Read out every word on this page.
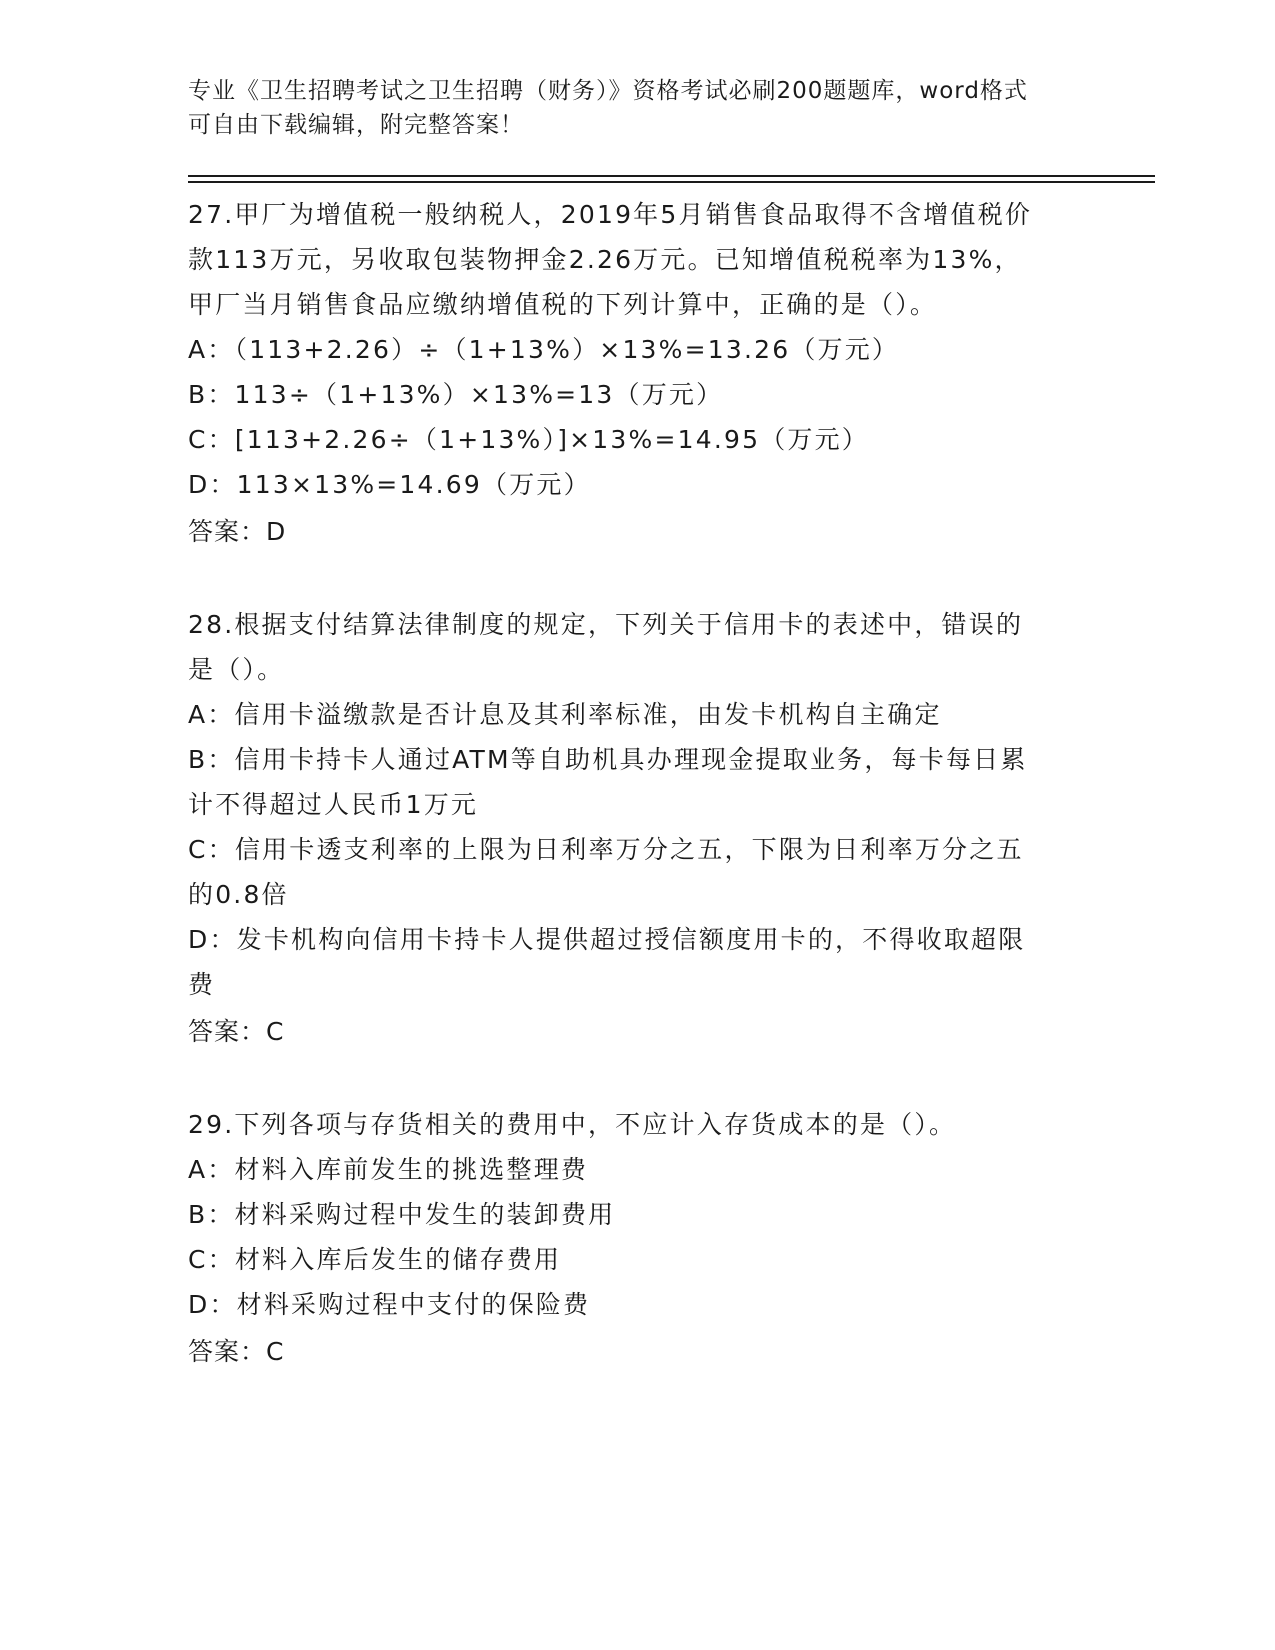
专业《卫生招聘考试之卫生招聘（财务）》资格考试必刷200题题库，word格式
可自由下载编辑，附完整答案！
27.甲厂为增值税一般纳税人，2019年5月销售食品取得不含增值税价
款113万元，另收取包装物押金2.26万元。已知增值税税率为13%，
甲厂当月销售食品应缴纳增值税的下列计算中，正确的是（）。
A：（113+2.26）÷（1+13%）×13%=13.26（万元）
B：113÷（1+13%）×13%=13（万元）
C：[113+2.26÷（1+13%）]×13%=14.95（万元）
D：113×13%=14.69（万元）
答案：D
28.根据支付结算法律制度的规定，下列关于信用卡的表述中，错误的
是（）。
A：信用卡溢缴款是否计息及其利率标准，由发卡机构自主确定
B：信用卡持卡人通过ATM等自助机具办理现金提取业务，每卡每日累
计不得超过人民币1万元
C：信用卡透支利率的上限为日利率万分之五，下限为日利率万分之五
的0.8倍
D：发卡机构向信用卡持卡人提供超过授信额度用卡的，不得收取超限
费
答案：C
29.下列各项与存货相关的费用中，不应计入存货成本的是（）。
A：材料入库前发生的挑选整理费
B：材料采购过程中发生的装卸费用
C：材料入库后发生的储存费用
D：材料采购过程中支付的保险费
答案：C
